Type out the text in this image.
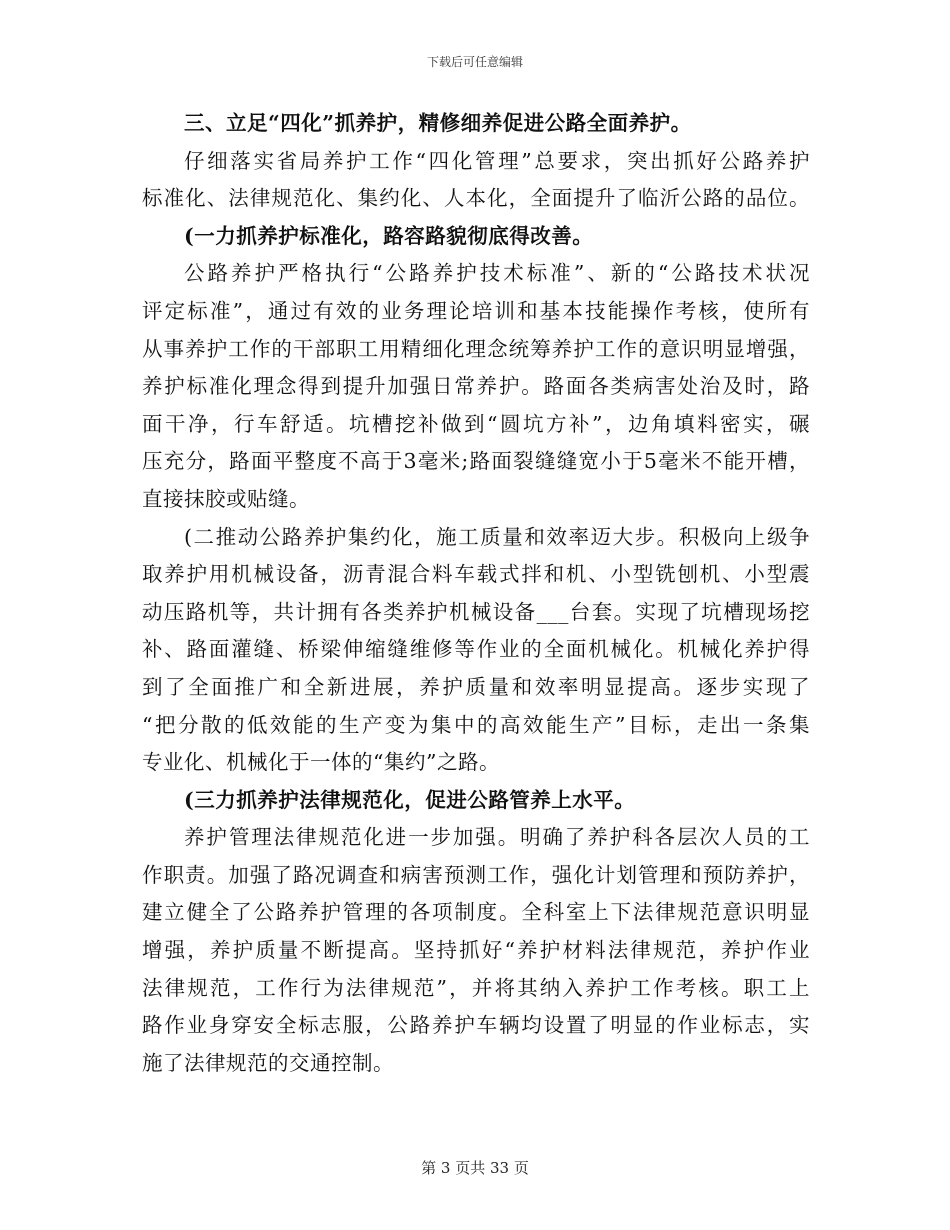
下载后可任意编辑
三、立足“四化”抓养护，精修细养促进公路全面养护。
仔细落实省局养护工作“四化管理”总要求，突出抓好公路养护
标准化、法律规范化、集约化、人本化，全面提升了临沂公路的品位。
(一力抓养护标准化，路容路貌彻底得改善。
公路养护严格执行“公路养护技术标准”、新的“公路技术状况
评定标准”，通过有效的业务理论培训和基本技能操作考核，使所有
从事养护工作的干部职工用精细化理念统筹养护工作的意识明显增强，
养护标准化理念得到提升加强日常养护。路面各类病害处治及时，路
面干净，行车舒适。坑槽挖补做到“圆坑方补”，边角填料密实，碾
压充分，路面平整度不高于3毫米;路面裂缝缝宽小于5毫米不能开槽，
直接抹胶或贴缝。
(二推动公路养护集约化，施工质量和效率迈大步。积极向上级争
取养护用机械设备，沥青混合料车载式拌和机、小型铣刨机、小型震
动压路机等，共计拥有各类养护机械设备___台套。实现了坑槽现场挖
补、路面灌缝、桥梁伸缩缝维修等作业的全面机械化。机械化养护得
到了全面推广和全新进展，养护质量和效率明显提高。逐步实现了
“把分散的低效能的生产变为集中的高效能生产”目标，走出一条集
专业化、机械化于一体的“集约”之路。
(三力抓养护法律规范化，促进公路管养上水平。
养护管理法律规范化进一步加强。明确了养护科各层次人员的工
作职责。加强了路况调查和病害预测工作，强化计划管理和预防养护，
建立健全了公路养护管理的各项制度。全科室上下法律规范意识明显
增强，养护质量不断提高。坚持抓好“养护材料法律规范，养护作业
法律规范，工作行为法律规范”，并将其纳入养护工作考核。职工上
路作业身穿安全标志服，公路养护车辆均设置了明显的作业标志，实
施了法律规范的交通控制。
第 3 页共 33 页
